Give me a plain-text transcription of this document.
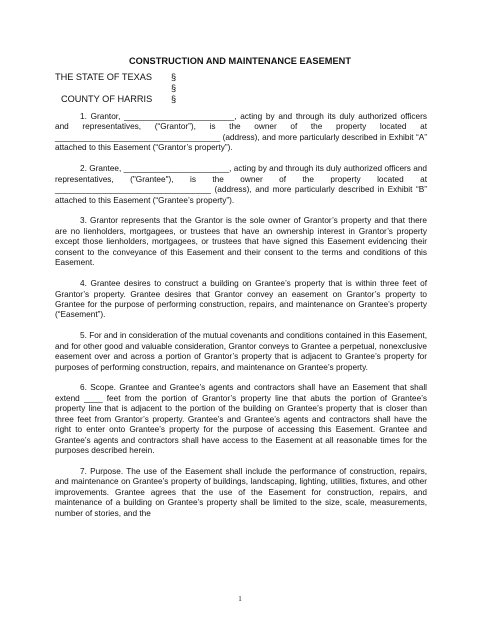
CONSTRUCTION AND MAINTENANCE EASEMENT
THE STATE OF TEXAS §
§
COUNTY OF HARRIS §

1. Grantor, ________________________, acting by and through its duly authorized officers and representatives, (“Grantor”), is the owner of the property located at ____________________________________ (address), and more particularly described in Exhibit “A” attached to this Easement (“Grantor’s property”).

2. Grantee, _______________________, acting by and through its duly authorized officers and representatives, ("Grantee"), is the owner of the property located at __________________________________ (address), and more particularly described in Exhibit “B” attached to this Easement (“Grantee’s property”).

3. Grantor represents that the Grantor is the sole owner of Grantor’s property and that there are no lienholders, mortgagees, or trustees that have an ownership interest in Grantor’s property except those lienholders, mortgagees, or trustees that have signed this Easement evidencing their consent to the conveyance of this Easement and their consent to the terms and conditions of this Easement.

4. Grantee desires to construct a building on Grantee’s property that is within three feet of Grantor’s property. Grantee desires that Grantor convey an easement on Grantor’s property to Grantee for the purpose of performing construction, repairs, and maintenance on Grantee’s property (“Easement”).

5. For and in consideration of the mutual covenants and conditions contained in this Easement, and for other good and valuable consideration, Grantor conveys to Grantee a perpetual, nonexclusive easement over and across a portion of Grantor’s property that is adjacent to Grantee’s property for purposes of performing construction, repairs, and maintenance on Grantee’s property.

6. Scope. Grantee and Grantee’s agents and contractors shall have an Easement that shall extend ____ feet from the portion of Grantor’s property line that abuts the portion of Grantee’s property line that is adjacent to the portion of the building on Grantee’s property that is closer than three feet from Grantor’s property. Grantee’s and Grantee’s agents and contractors shall have the right to enter onto Grantee’s property for the purpose of accessing this Easement. Grantee and Grantee’s agents and contractors shall have access to the Easement at all reasonable times for the purposes described herein.

7. Purpose. The use of the Easement shall include the performance of construction, repairs, and maintenance on Grantee’s property of buildings, landscaping, lighting, utilities, fixtures, and other improvements. Grantee agrees that the use of the Easement for construction, repairs, and maintenance of a building on Grantee’s property shall be limited to the size, scale, measurements, number of stories, and the

1
